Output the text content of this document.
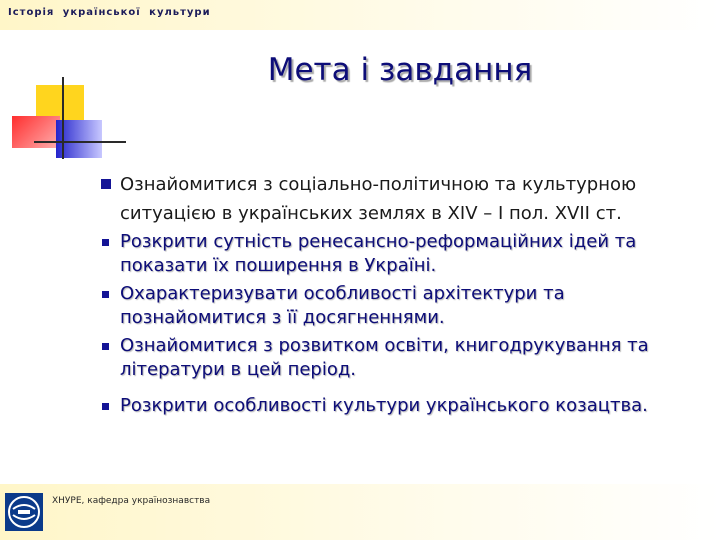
Історія української культури
Мета і завдання
Ознайомитися з соціально-політичною та культурною ситуацією в українських землях в XIV – I пол. XVII ст.
Розкрити сутність ренесансно-реформаційних ідей та показати їх поширення в Україні.
Охарактеризувати особливості архітектури та познайомитися з її досягненнями.
Ознайомитися з розвитком освіти, книгодрукування та літератури в цей період.
Розкрити особливості культури українського козацтва.
ХНУРЕ, кафедра українознавства
